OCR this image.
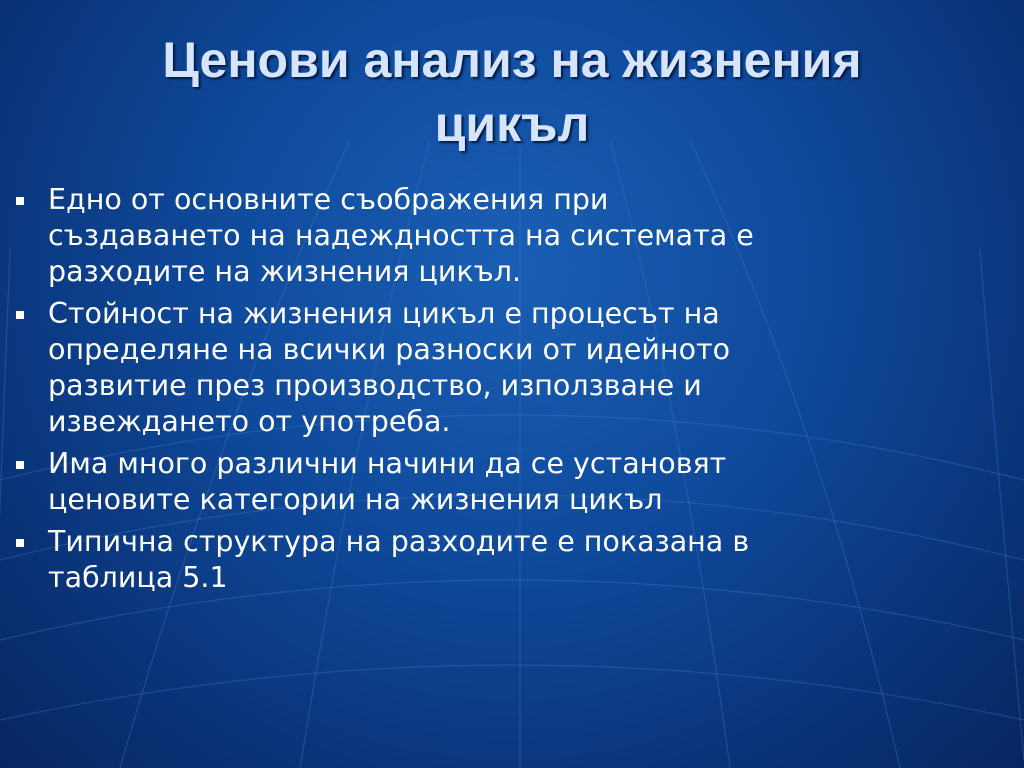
Ценови анализ на жизнения
цикъл
Едно от основните съображения при
създаването на надеждността на системата е
разходите на жизнения цикъл.
Стойност на жизнения цикъл е процесът на
определяне на всички разноски от идейното
развитие през производство, използване и
извеждането от употреба.
Има много различни начини да се установят
ценовите категории на жизнения цикъл
Типична структура на разходите е показана в
таблица 5.1
